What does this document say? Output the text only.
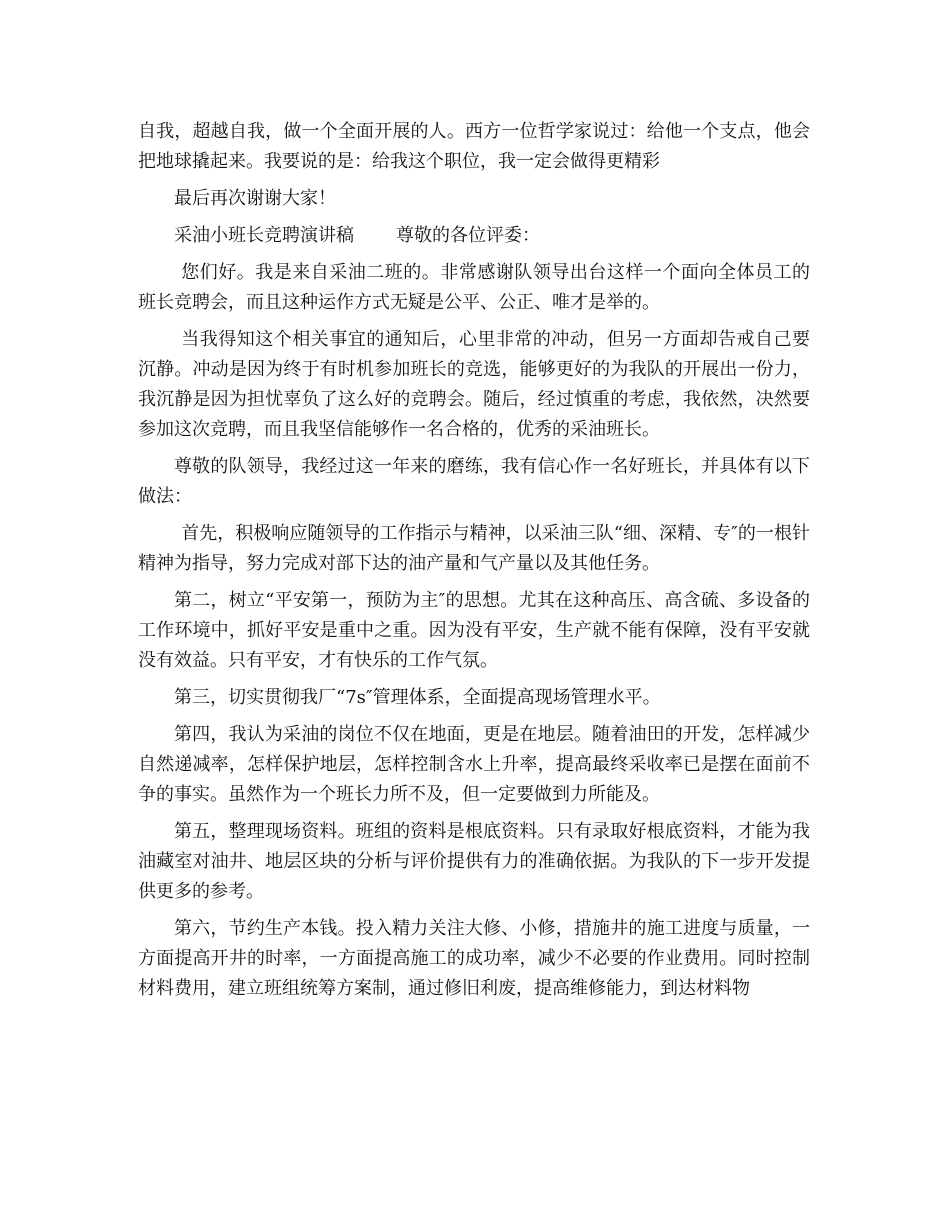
自我，超越自我，做一个全面开展的人。西方一位哲学家说过：给他一个支点，他会把地球撬起来。我要说的是：给我这个职位，我一定会做得更精彩

最后再次谢谢大家！

采油小班长竞聘演讲稿 尊敬的各位评委：

您们好。我是来自采油二班的。非常感谢队领导出台这样一个面向全体员工的班长竞聘会，而且这种运作方式无疑是公平、公正、唯才是举的。

当我得知这个相关事宜的通知后，心里非常的冲动，但另一方面却告戒自己要沉静。冲动是因为终于有时机参加班长的竞选，能够更好的为我队的开展出一份力，我沉静是因为担忧辜负了这么好的竞聘会。随后，经过慎重的考虑，我依然，决然要参加这次竞聘，而且我坚信能够作一名合格的，优秀的采油班长。

尊敬的队领导，我经过这一年来的磨练，我有信心作一名好班长，并具体有以下做法：

首先，积极响应随领导的工作指示与精神，以采油三队“细、深精、专″的一根针精神为指导，努力完成对部下达的油产量和气产量以及其他任务。

第二，树立“平安第一，预防为主″的思想。尤其在这种高压、高含硫、多设备的工作环境中，抓好平安是重中之重。因为没有平安，生产就不能有保障，没有平安就没有效益。只有平安，才有快乐的工作气氛。

第三，切实贯彻我厂“7s″管理体系，全面提高现场管理水平。

第四，我认为采油的岗位不仅在地面，更是在地层。随着油田的开发，怎样减少自然递减率，怎样保护地层，怎样控制含水上升率，提高最终采收率已是摆在面前不争的事实。虽然作为一个班长力所不及，但一定要做到力所能及。

第五，整理现场资料。班组的资料是根底资料。只有录取好根底资料，才能为我油藏室对油井、地层区块的分析与评价提供有力的准确依据。为我队的下一步开发提供更多的参考。

第六，节约生产本钱。投入精力关注大修、小修，措施井的施工进度与质量，一方面提高开井的时率，一方面提高施工的成功率，减少不必要的作业费用。同时控制材料费用，建立班组统筹方案制，通过修旧利废，提高维修能力，到达材料物
